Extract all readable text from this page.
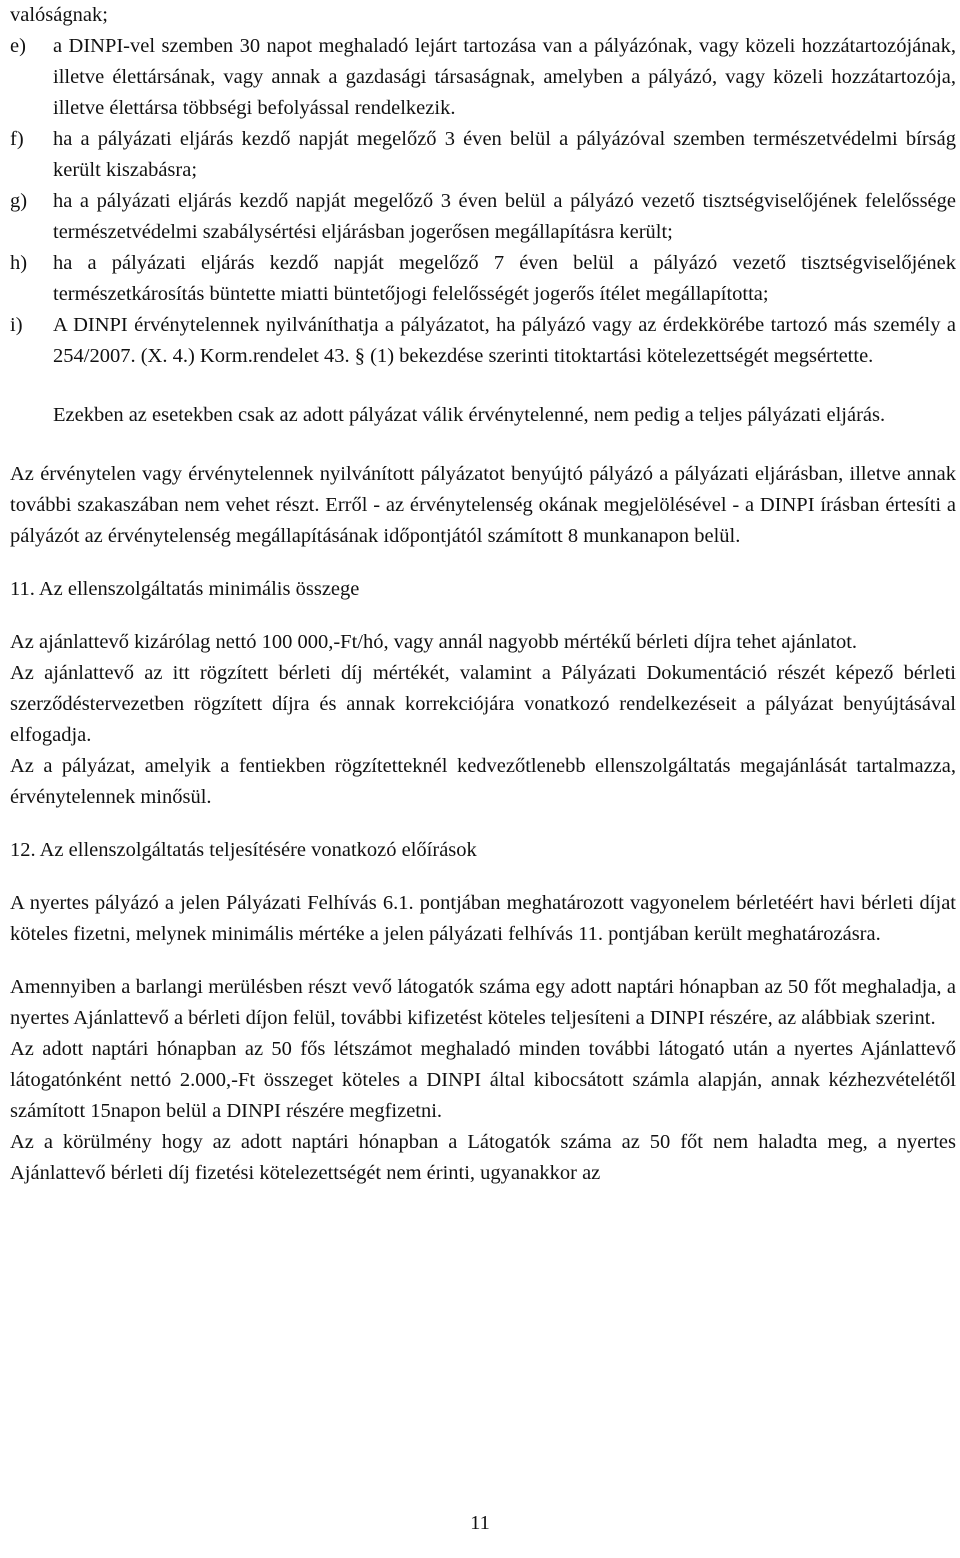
valóságnak;

e)	a DINPI-vel szemben 30 napot meghaladó lejárt tartozása van a pályázónak, vagy közeli hozzátartozójának, illetve élettársának, vagy annak a gazdasági társaságnak, amelyben a pályázó, vagy közeli hozzátartozója, illetve élettársa többségi befolyással rendelkezik.
f)	ha a pályázati eljárás kezdő napját megelőző 3 éven belül a pályázóval szemben természetvédelmi bírság került kiszabásra;
g)	ha a pályázati eljárás kezdő napját megelőző 3 éven belül a pályázó vezető tisztségviselőjének felelőssége természetvédelmi szabálysértési eljárásban jogerősen megállapításra került;
h)	ha a pályázati eljárás kezdő napját megelőző 7 éven belül a pályázó vezető tisztségviselőjének természetkárosítás büntette miatti büntetőjogi felelősségét jogerős ítélet megállapította;
i)	A DINPI érvénytelennek nyilváníthatja a pályázatot, ha pályázó vagy az érdekkörébe tartozó más személy a 254/2007. (X. 4.) Korm.rendelet 43. § (1) bekezdése szerinti titoktartási kötelezettségét megsértette.

Ezekben az esetekben csak az adott pályázat válik érvénytelenné, nem pedig a teljes pályázati eljárás.

Az érvénytelen vagy érvénytelennek nyilvánított pályázatot benyújtó pályázó a pályázati eljárásban, illetve annak további szakaszában nem vehet részt. Erről - az érvénytelenség okának megjelölésével - a DINPI írásban értesíti a pályázót az érvénytelenség megállapításának időpontjától számított 8 munkanapon belül.

11. Az ellenszolgáltatás minimális összege

Az ajánlattevő kizárólag nettó 100 000,-Ft/hó, vagy annál nagyobb mértékű bérleti díjra tehet ajánlatot.

Az ajánlattevő az itt rögzített bérleti díj mértékét, valamint a Pályázati Dokumentáció részét képező bérleti szerződéstervezetben rögzített díjra és annak korrekciójára vonatkozó rendelkezéseit a pályázat benyújtásával elfogadja.

Az a pályázat, amelyik a fentiekben rögzítetteknél kedvezőtlenebb ellenszolgáltatás megajánlását tartalmazza, érvénytelennek minősül.

12. Az ellenszolgáltatás teljesítésére vonatkozó előírások

A nyertes pályázó a jelen Pályázati Felhívás 6.1. pontjában meghatározott vagyonelem bérletéért havi bérleti díjat köteles fizetni, melynek minimális mértéke a jelen pályázati felhívás 11. pontjában került meghatározásra.

Amennyiben a barlangi merülésben részt vevő látogatók száma egy adott naptári hónapban az 50 főt meghaladja, a nyertes Ajánlattevő a bérleti díjon felül, további kifizetést köteles teljesíteni a DINPI részére, az alábbiak szerint.

Az adott naptári hónapban az 50 fős létszámot meghaladó minden további látogató után a nyertes Ajánlattevő látogatónként nettó 2.000,-Ft összeget köteles a DINPI által kibocsátott számla alapján, annak kézhezvételétől számított 15napon belül a DINPI részére megfizetni.

Az a körülmény hogy az adott naptári hónapban a Látogatók száma az 50 főt nem haladta meg, a nyertes Ajánlattevő bérleti díj fizetési kötelezettségét nem érinti, ugyanakkor az

11
